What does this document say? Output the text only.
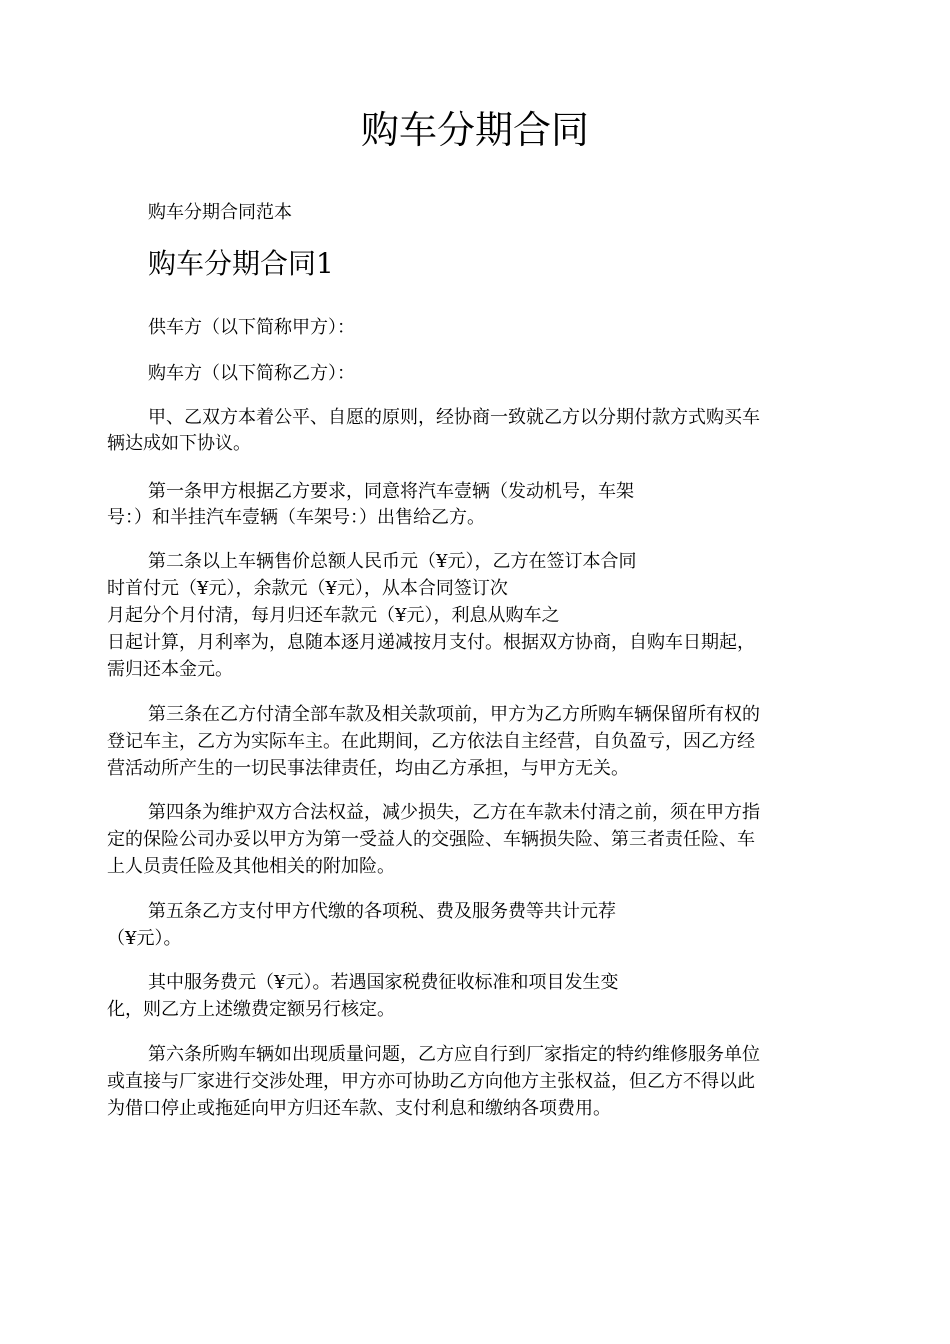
购车分期合同

购车分期合同范本

购车分期合同1

供车方（以下简称甲方）：

购车方（以下简称乙方）：

甲、乙双方本着公平、自愿的原则，经协商一致就乙方以分期付款方式购买车

辆达成如下协议。

第一条甲方根据乙方要求，同意将汽车壹辆（发动机号，车架

号：）和半挂汽车壹辆（车架号：）出售给乙方。

第二条以上车辆售价总额人民币元（¥元），乙方在签订本合同

时首付元（¥元），余款元（¥元），从本合同签订次

月起分个月付清，每月归还车款元（¥元），利息从购车之

日起计算，月利率为，息随本逐月递减按月支付。根据双方协商，自购车日期起，

需归还本金元。

第三条在乙方付清全部车款及相关款项前，甲方为乙方所购车辆保留所有权的

登记车主，乙方为实际车主。在此期间，乙方依法自主经营，自负盈亏，因乙方经

营活动所产生的一切民事法律责任，均由乙方承担，与甲方无关。

第四条为维护双方合法权益，减少损失，乙方在车款未付清之前，须在甲方指

定的保险公司办妥以甲方为第一受益人的交强险、车辆损失险、第三者责任险、车

上人员责任险及其他相关的附加险。

第五条乙方支付甲方代缴的各项税、费及服务费等共计元荐

（¥元）。

其中服务费元（¥元）。若遇国家税费征收标准和项目发生变

化，则乙方上述缴费定额另行核定。

第六条所购车辆如出现质量问题，乙方应自行到厂家指定的特约维修服务单位

或直接与厂家进行交涉处理，甲方亦可协助乙方向他方主张权益，但乙方不得以此

为借口停止或拖延向甲方归还车款、支付利息和缴纳各项费用。
